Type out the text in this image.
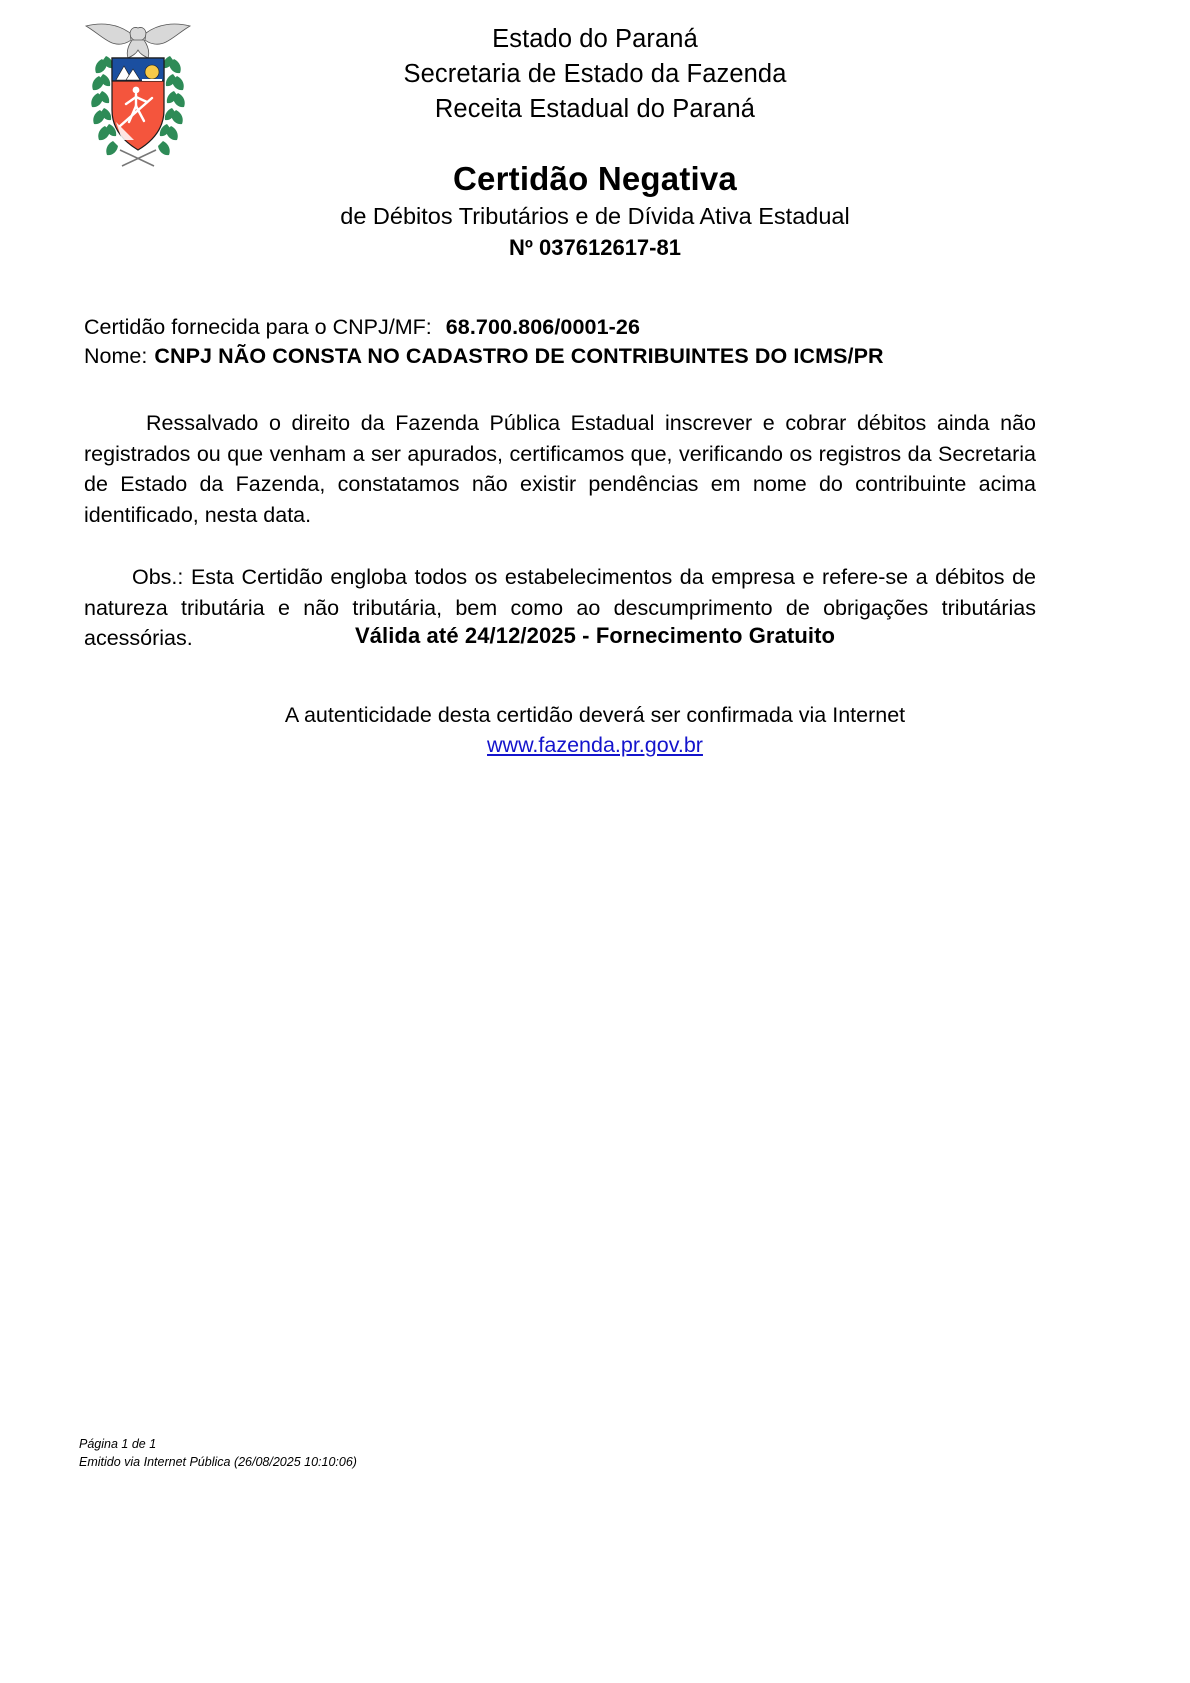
Estado do Paraná
Secretaria de Estado da Fazenda
Receita Estadual do Paraná
Certidão Negativa
de Débitos Tributários e de Dívida Ativa Estadual
Nº 037612617-81
Certidão fornecida para o CNPJ/MF: 68.700.806/0001-26
Nome: CNPJ NÃO CONSTA NO CADASTRO DE CONTRIBUINTES DO ICMS/PR

Ressalvado o direito da Fazenda Pública Estadual inscrever e cobrar débitos ainda não registrados ou que venham a ser apurados, certificamos que, verificando os registros da Secretaria de Estado da Fazenda, constatamos não existir pendências em nome do contribuinte acima identificado, nesta data.

Obs.: Esta Certidão engloba todos os estabelecimentos da empresa e refere-se a débitos de natureza tributária e não tributária, bem como ao descumprimento de obrigações tributárias acessórias.	Válida até 24/12/2025 - Fornecimento Gratuito
A autenticidade desta certidão deverá ser confirmada via Internet
www.fazenda.pr.gov.br
Página 1 de 1
Emitido via Internet Pública (26/08/2025 10:10:06)
